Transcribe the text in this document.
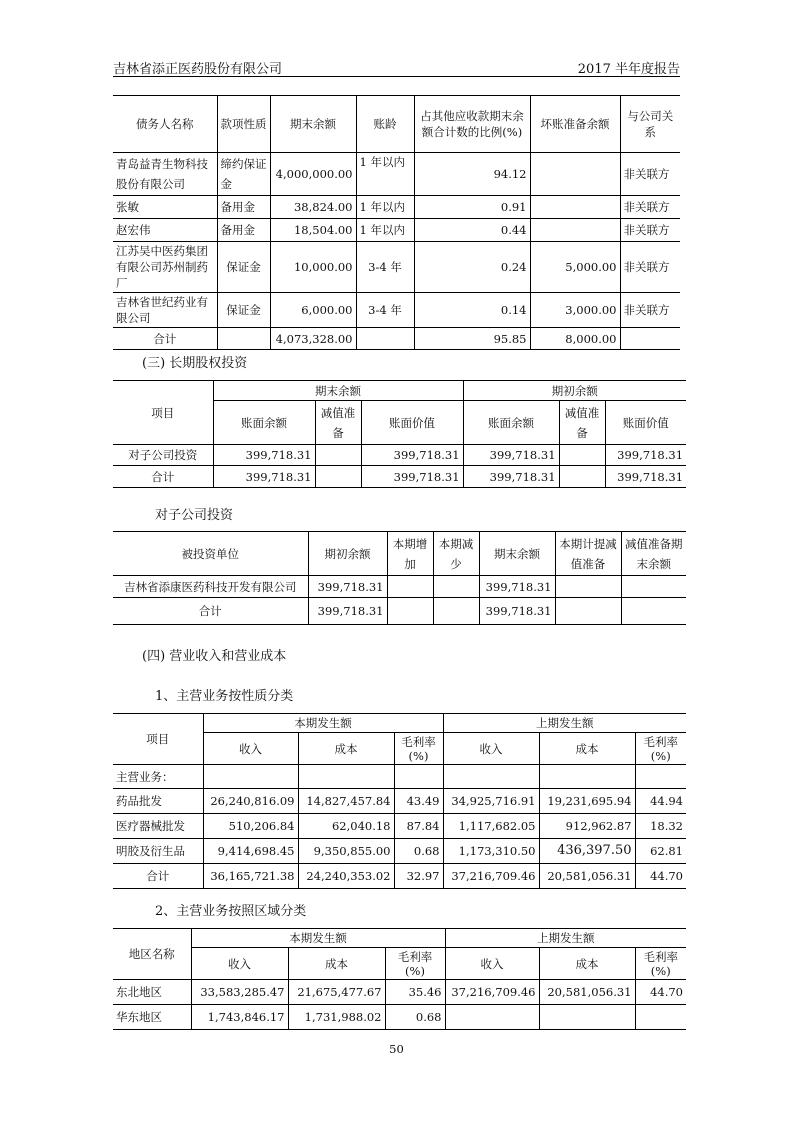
吉林省添正医药股份有限公司	2017 半年度报告
债务人名称	款项性质	期末余额	账龄	占其他应收款期末余额合计数的比例(%)	坏账准备余额	与公司关系
青岛益青生物科技股份有限公司	缔约保证金	4,000,000.00	1 年以内	94.12		非关联方
张敏	备用金	38,824.00	1 年以内	0.91		非关联方
赵宏伟	备用金	18,504.00	1 年以内	0.44		非关联方
江苏吴中医药集团有限公司苏州制药厂	保证金	10,000.00	3-4 年	0.24	5,000.00	非关联方
吉林省世纪药业有限公司	保证金	6,000.00	3-4 年	0.14	3,000.00	非关联方
合计		4,073,328.00		95.85	8,000.00	
(三) 长期股权投资
项目	期末余额			期初余额		
	账面余额	减值准备	账面价值	账面余额	减值准备	账面价值
对子公司投资	399,718.31		399,718.31	399,718.31		399,718.31
合计	399,718.31		399,718.31	399,718.31		399,718.31
对子公司投资
被投资单位	期初余额	本期增加	本期减少	期末余额	本期计提减值准备	减值准备期末余额
吉林省添康医药科技开发有限公司	399,718.31			399,718.31		
合计	399,718.31			399,718.31		
(四) 营业收入和营业成本
1、主营业务按性质分类
项目	本期发生额			上期发生额		
	收入	成本	毛利率(%)	收入	成本	毛利率(%)
主营业务：						
药品批发	26,240,816.09	14,827,457.84	43.49	34,925,716.91	19,231,695.94	44.94
医疗器械批发	510,206.84	62,040.18	87.84	1,117,682.05	912,962.87	18.32
明胶及衍生品	9,414,698.45	9,350,855.00	0.68	1,173,310.50	436,397.50	62.81
合计	36,165,721.38	24,240,353.02	32.97	37,216,709.46	20,581,056.31	44.70
2、主营业务按照区域分类
地区名称	本期发生额			上期发生额		
	收入	成本	毛利率(%)	收入	成本	毛利率(%)
东北地区	33,583,285.47	21,675,477.67	35.46	37,216,709.46	20,581,056.31	44.70
华东地区	1,743,846.17	1,731,988.02	0.68			
50
